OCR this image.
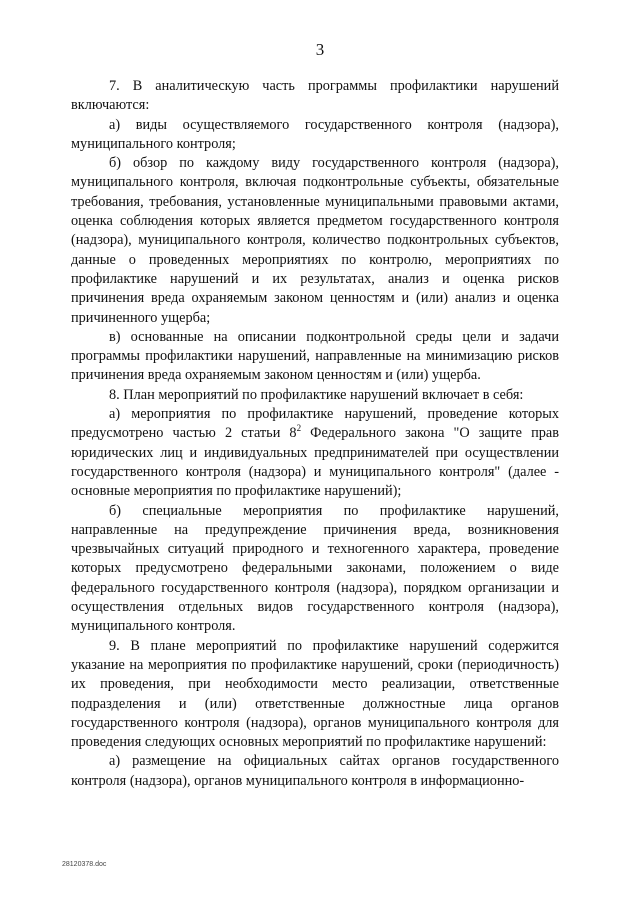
3

7. В аналитическую часть программы профилактики нарушений включаются:

а) виды осуществляемого государственного контроля (надзора), муниципального контроля;

б) обзор по каждому виду государственного контроля (надзора), муниципального контроля, включая подконтрольные субъекты, обязательные требования, требования, установленные муниципальными правовыми актами, оценка соблюдения которых является предметом государственного контроля (надзора), муниципального контроля, количество подконтрольных субъектов, данные о проведенных мероприятиях по контролю, мероприятиях по профилактике нарушений и их результатах, анализ и оценка рисков причинения вреда охраняемым законом ценностям и (или) анализ и оценка причиненного ущерба;

в) основанные на описании подконтрольной среды цели и задачи программы профилактики нарушений, направленные на минимизацию рисков причинения вреда охраняемым законом ценностям и (или) ущерба.

8. План мероприятий по профилактике нарушений включает в себя:

а) мероприятия по профилактике нарушений, проведение которых предусмотрено частью 2 статьи $8^2$ Федерального закона "О защите прав юридических лиц и индивидуальных предпринимателей при осуществлении государственного контроля (надзора) и муниципального контроля" (далее - основные мероприятия по профилактике нарушений);

б) специальные мероприятия по профилактике нарушений, направленные на предупреждение причинения вреда, возникновения чрезвычайных ситуаций природного и техногенного характера, проведение которых предусмотрено федеральными законами, положением о виде федерального государственного контроля (надзора), порядком организации и осуществления отдельных видов государственного контроля (надзора), муниципального контроля.

9. В плане мероприятий по профилактике нарушений содержится указание на мероприятия по профилактике нарушений, сроки (периодичность) их проведения, при необходимости место реализации, ответственные подразделения и (или) ответственные должностные лица органов государственного контроля (надзора), органов муниципального контроля для проведения следующих основных мероприятий по профилактике нарушений:

а) размещение на официальных сайтах органов государственного контроля (надзора), органов муниципального контроля в информационно-

28120378.doc
